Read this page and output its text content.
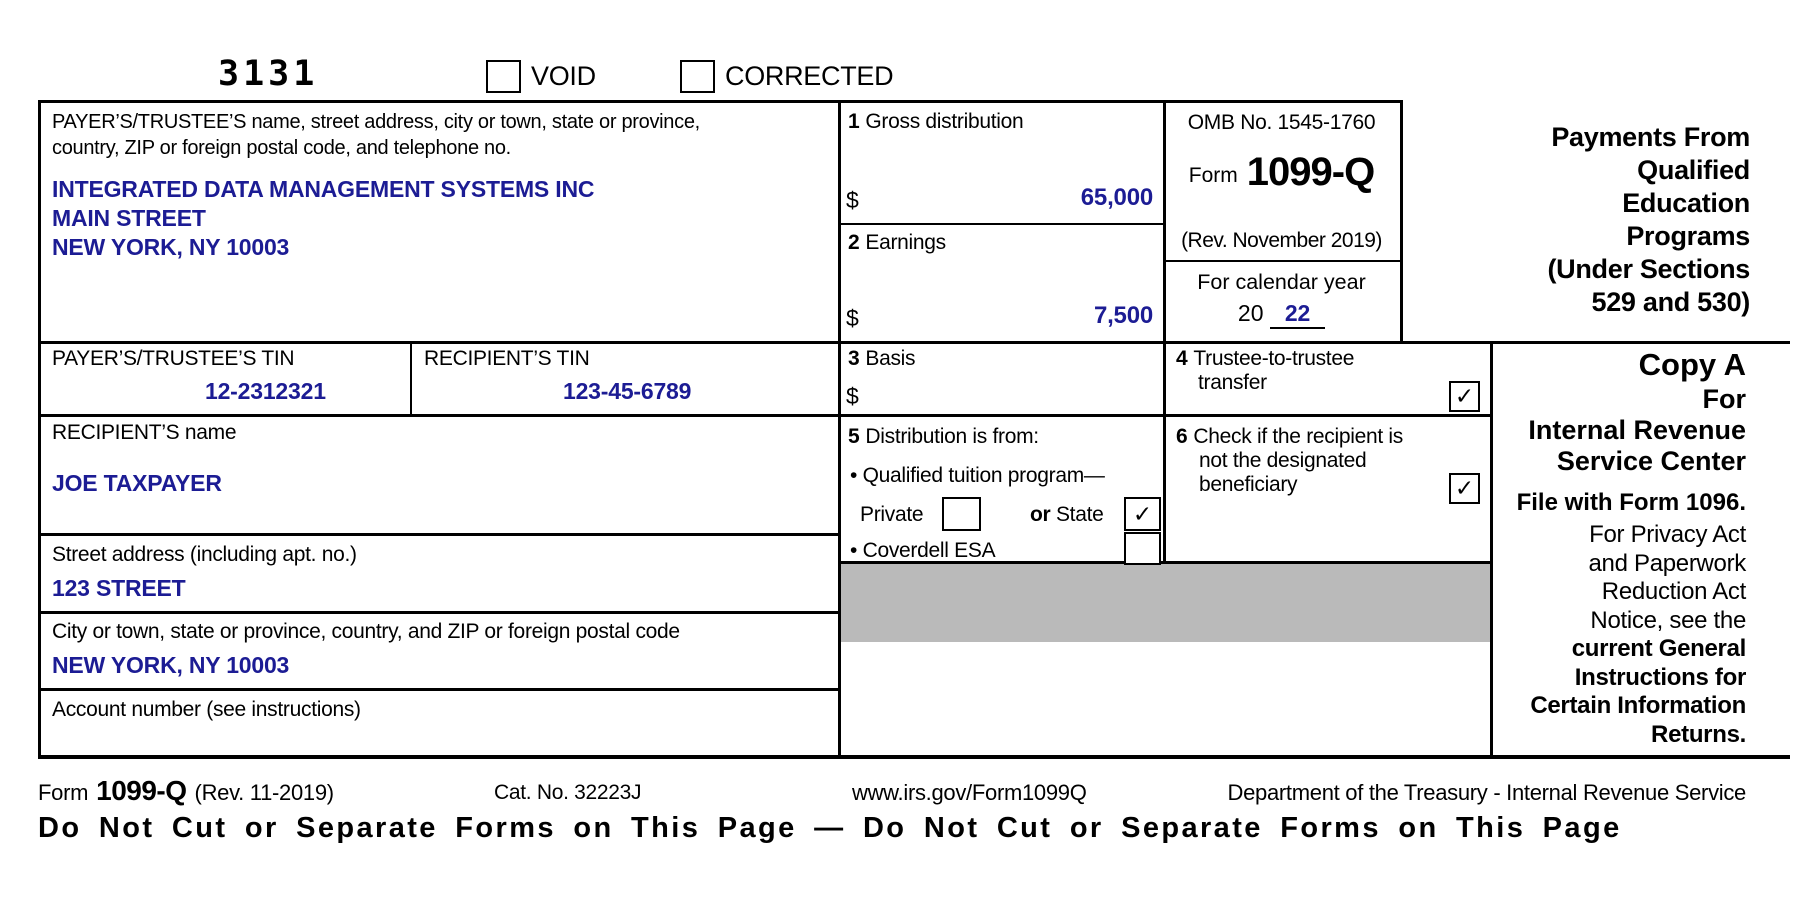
3131	VOID	CORRECTED
PAYER’S/TRUSTEE’S name, street address, city or town, state or province, country, ZIP or foreign postal code, and telephone no.
INTEGRATED DATA MANAGEMENT SYSTEMS INC
MAIN STREET
NEW YORK, NY 10003
1 Gross distribution
$	65,000
2 Earnings
$	7,500
OMB No. 1545-1760
Form 1099-Q
(Rev. November 2019)
For calendar year
20 22
Payments From
Qualified
Education
Programs
(Under Sections
529 and 530)
PAYER’S/TRUSTEE’S TIN
12-2312321
RECIPIENT’S TIN
123-45-6789
3 Basis
$
4 Trustee-to-trustee
transfer
✓
5 Distribution is from:
• Qualified tuition program—
Private	or State ✓
• Coverdell ESA
6 Check if the recipient is
not the designated
beneficiary	✓
RECIPIENT’S name
JOE TAXPAYER
Street address (including apt. no.)
123 STREET
City or town, state or province, country, and ZIP or foreign postal code
NEW YORK, NY 10003
Account number (see instructions)
Copy A
For
Internal Revenue
Service Center
File with Form 1096.
For Privacy Act
and Paperwork
Reduction Act
Notice, see the
current General
Instructions for
Certain Information
Returns.
Form 1099-Q (Rev. 11-2019)	Cat. No. 32223J	www.irs.gov/Form1099Q	Department of the Treasury - Internal Revenue Service
Do Not Cut or Separate Forms on This Page — Do Not Cut or Separate Forms on This Page
